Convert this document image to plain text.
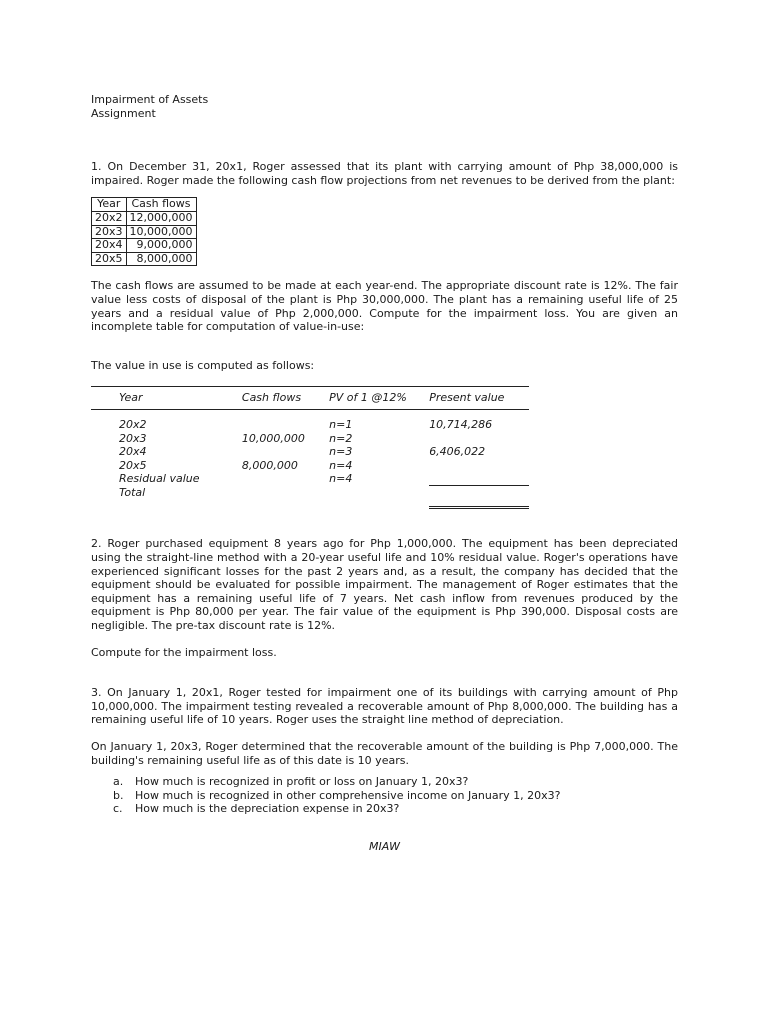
Impairment of Assets
Assignment
1. On December 31, 20x1, Roger assessed that its plant with carrying amount of Php 38,000,000 is impaired. Roger made the following cash flow projections from net revenues to be derived from the plant:
Year	Cash flows
20x2	12,000,000
20x3	10,000,000
20x4	9,000,000
20x5	8,000,000
The cash flows are assumed to be made at each year-end. The appropriate discount rate is 12%. The fair value less costs of disposal of the plant is Php 30,000,000. The plant has a remaining useful life of 25 years and a residual value of Php 2,000,000. Compute for the impairment loss. You are given an incomplete table for computation of value-in-use:
The value in use is computed as follows:
Year	Cash flows	PV of 1 @12%	Present value
20x2		n=1	10,714,286
20x3	10,000,000	n=2	
20x4		n=3	6,406,022
20x5	8,000,000	n=4	
Residual value		n=4	
Total			
2. Roger purchased equipment 8 years ago for Php 1,000,000. The equipment has been depreciated using the straight-line method with a 20-year useful life and 10% residual value. Roger's operations have experienced significant losses for the past 2 years and, as a result, the company has decided that the equipment should be evaluated for possible impairment. The management of Roger estimates that the equipment has a remaining useful life of 7 years. Net cash inflow from revenues produced by the equipment is Php 80,000 per year. The fair value of the equipment is Php 390,000. Disposal costs are negligible. The pre-tax discount rate is 12%.
Compute for the impairment loss.
3. On January 1, 20x1, Roger tested for impairment one of its buildings with carrying amount of Php 10,000,000. The impairment testing revealed a recoverable amount of Php 8,000,000. The building has a remaining useful life of 10 years. Roger uses the straight line method of depreciation.
On January 1, 20x3, Roger determined that the recoverable amount of the building is Php 7,000,000. The building's remaining useful life as of this date is 10 years.
a. How much is recognized in profit or loss on January 1, 20x3?
b. How much is recognized in other comprehensive income on January 1, 20x3?
c. How much is the depreciation expense in 20x3?
MIAW
